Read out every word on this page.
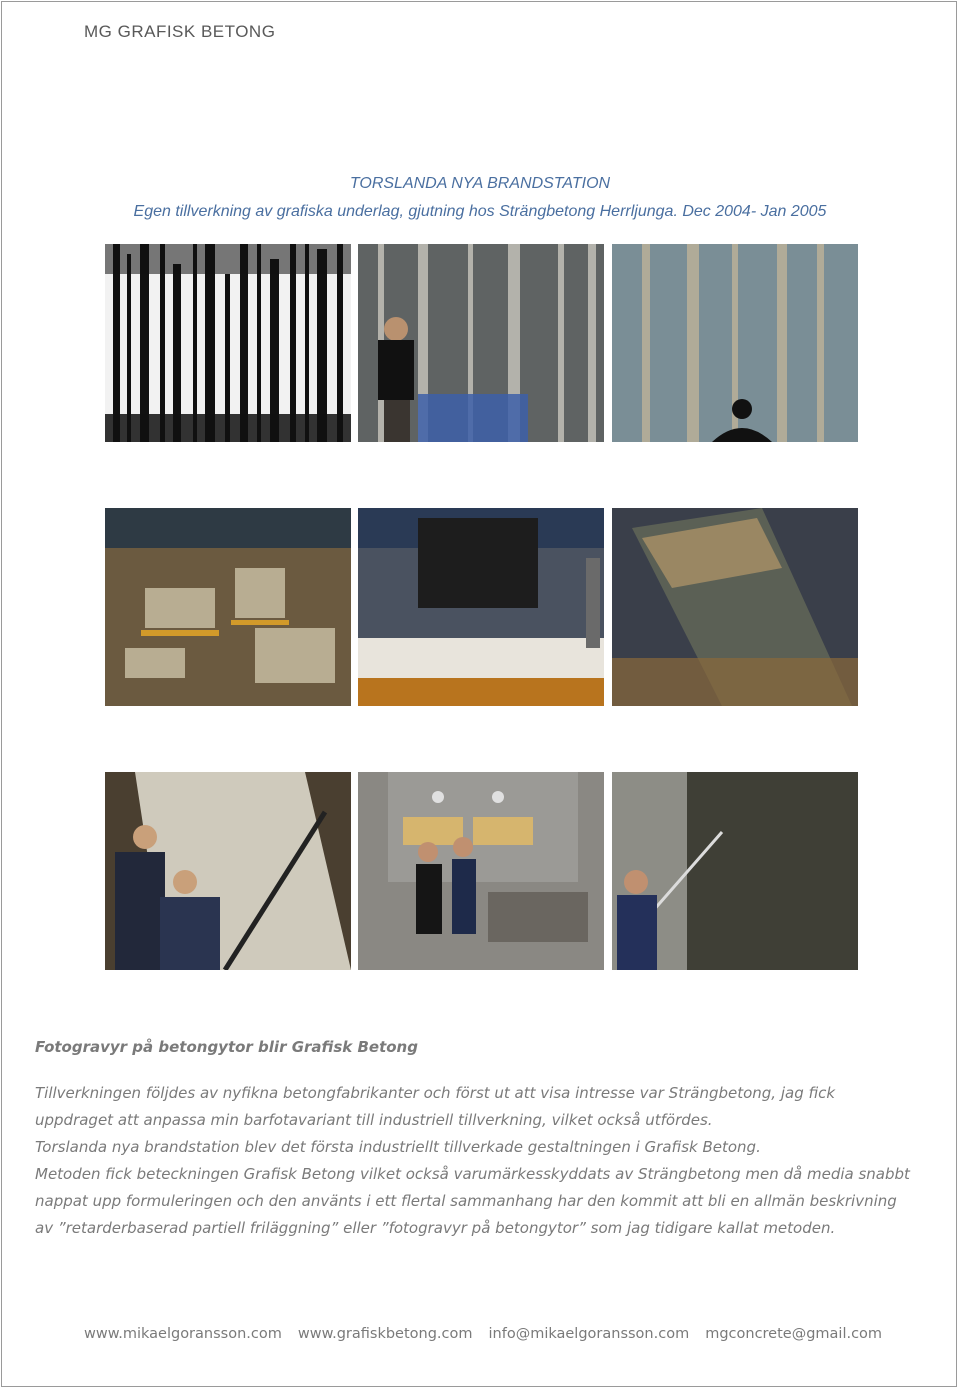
MG GRAFISK BETONG
TORSLANDA NYA BRANDSTATION
Egen tillverkning av grafiska underlag, gjutning hos Strängbetong Herrljunga. Dec 2004- Jan 2005
Fotogravyr på betongytor blir Grafisk Betong

Tillverkningen följdes av nyfikna betongfabrikanter och först ut att visa intresse var Strängbetong, jag fick uppdraget att anpassa min barfotavariant till industriell tillverkning, vilket också utfördes.

Torslanda nya brandstation blev det första industriellt tillverkade gestaltningen i Grafisk Betong.

Metoden fick beteckningen Grafisk Betong vilket också varumärkesskyddats av Strängbetong men då media snabbt nappat upp formuleringen och den använts i ett flertal sammanhang har den kommit att bli en allmän beskrivning av ”retarderbaserad partiell friläggning” eller ”fotogravyr på betongytor” som jag tidigare kallat metoden.

www.mikaelgoransson.com www.grafiskbetong.com info@mikaelgoransson.com mgconcrete@gmail.com
